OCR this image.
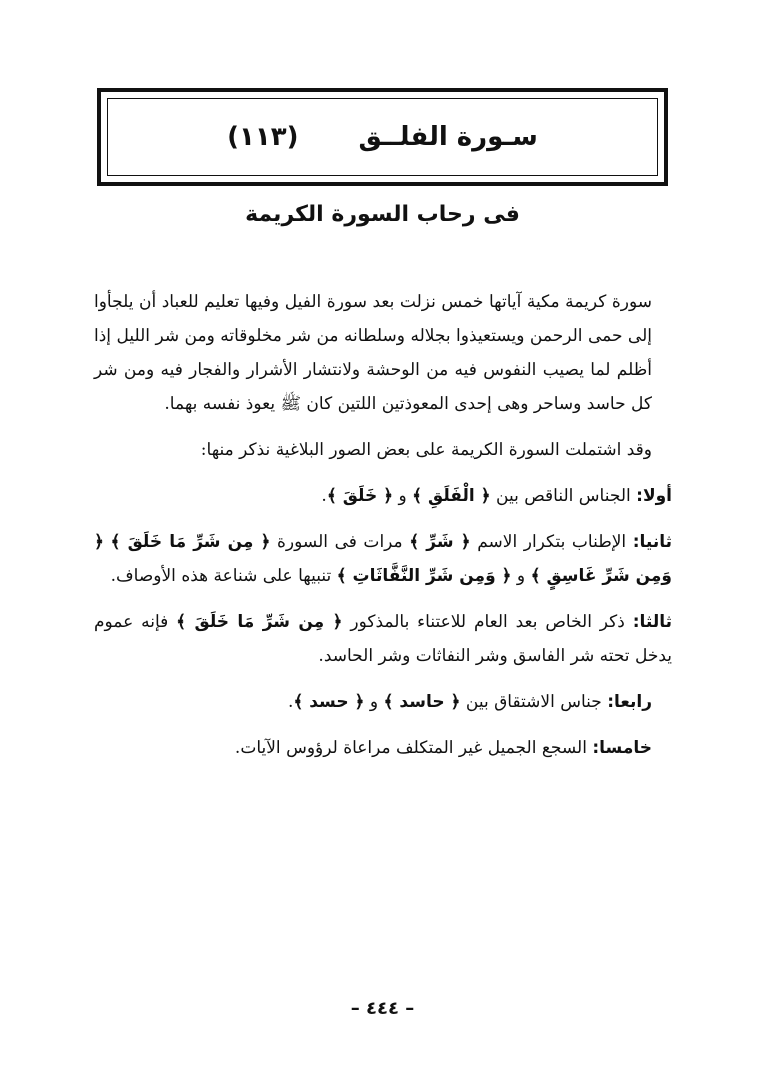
سـورة الفلــق
(١١٣)
فى رحاب السورة الكريمة

سورة كريمة مكية آياتها خمس نزلت بعد سورة الفيل وفيها تعليم للعباد أن يلجأوا إلى حمى الرحمن ويستعيذوا بجلاله وسلطانه من شر مخلوقاته ومن شر الليل إذا أظلم لما يصيب النفوس فيه من الوحشة ولانتشار الأشرار والفجار فيه ومن شر كل حاسد وساحر وهى إحدى المعوذتين اللتين كان ﷺ يعوذ نفسه بهما.

وقد اشتملت السورة الكريمة على بعض الصور البلاغية نذكر منها:

أولا: الجناس الناقص بين ﴿ الْفَلَقِ ﴾ و ﴿ خَلَقَ ﴾.

ثانيا: الإطناب بتكرار الاسم ﴿ شَرِّ ﴾ مرات فى السورة ﴿ مِن شَرِّ مَا خَلَقَ ﴾ ﴿ وَمِن شَرِّ غَاسِقٍ ﴾ و ﴿ وَمِن شَرِّ النَّفَّاثَاتِ ﴾ تنبيها على شناعة هذه الأوصاف.

ثالثا: ذكر الخاص بعد العام للاعتناء بالمذكور ﴿ مِن شَرِّ مَا خَلَقَ ﴾ فإنه عموم يدخل تحته شر الفاسق وشر النفاثات وشر الحاسد.

رابعا: جناس الاشتقاق بين ﴿ حاسد ﴾ و ﴿ حسد ﴾.

خامسا: السجع الجميل غير المتكلف مراعاة لرؤوس الآيات.

– ٤٤٤ –
